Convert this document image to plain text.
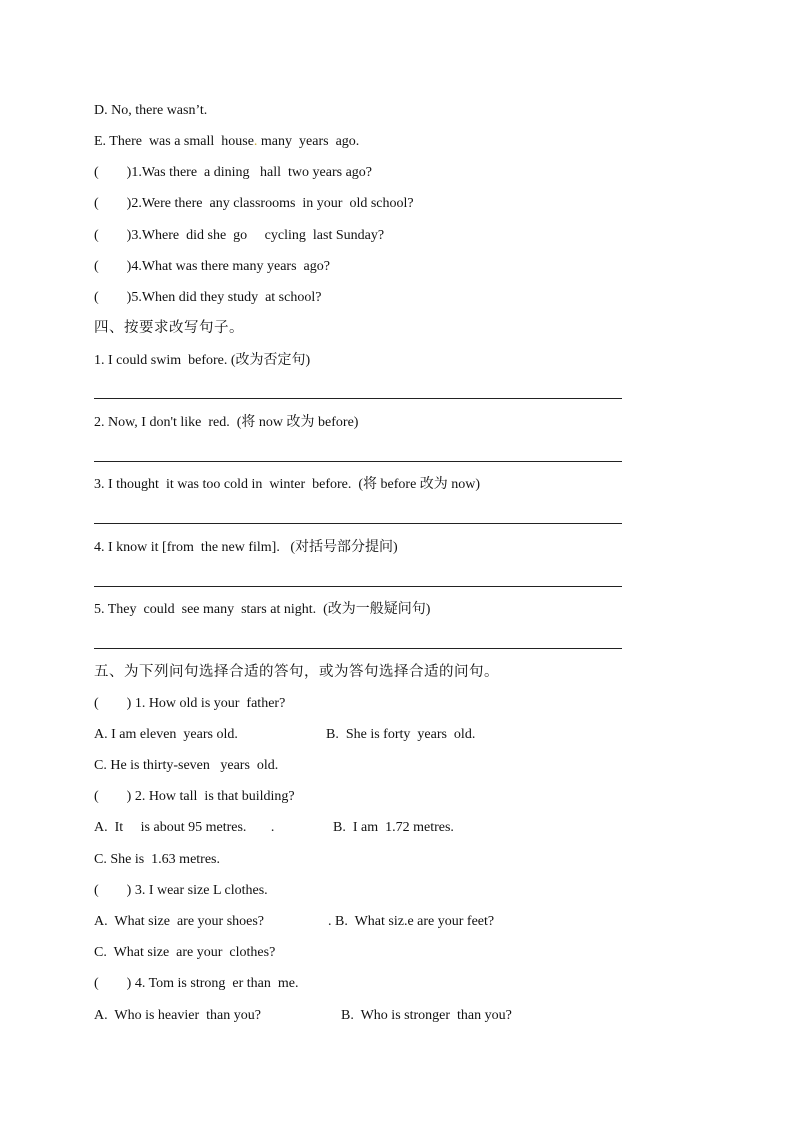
D. No, there wasn’t.
E. There  was a small  house. many  years  ago.
(        )1.Was there  a dining   hall  two years ago?
(        )2.Were there  any classrooms  in your  old school?
(        )3.Where  did she  go     cycling  last Sunday?
(        )4.What was there many years  ago?
(        )5.When did they study  at school?
四、按要求改写句子。
1. I could swim  before. (改为否定句)
2. Now, I don't like  red.  (将 now 改为 before)
3. I thought  it was too cold in  winter  before.  (将 before 改为 now)
4. I know it [from  the new film].   (对括号部分提问)
5. They  could  see many  stars at night.  (改为一般疑问句)
五、为下列问句选择合适的答句，或为答句选择合适的问句。
(        ) 1. How old is your  father?
A. I am eleven  years old.	B.  She is forty  years  old.
C. He is thirty-seven   years  old.
(        ) 2. How tall  is that building?
A.  It     is about 95 metres.       .	B.  I am  1.72 metres.
C. She is  1.63 metres.
(        ) 3. I wear size L clothes.
A.  What size  are your shoes?	. B.  What siz.e are your feet?
C.  What size  are your  clothes?
(        ) 4. Tom is strong  er than  me.
A.  Who is heavier  than you?	B.  Who is stronger  than you?
